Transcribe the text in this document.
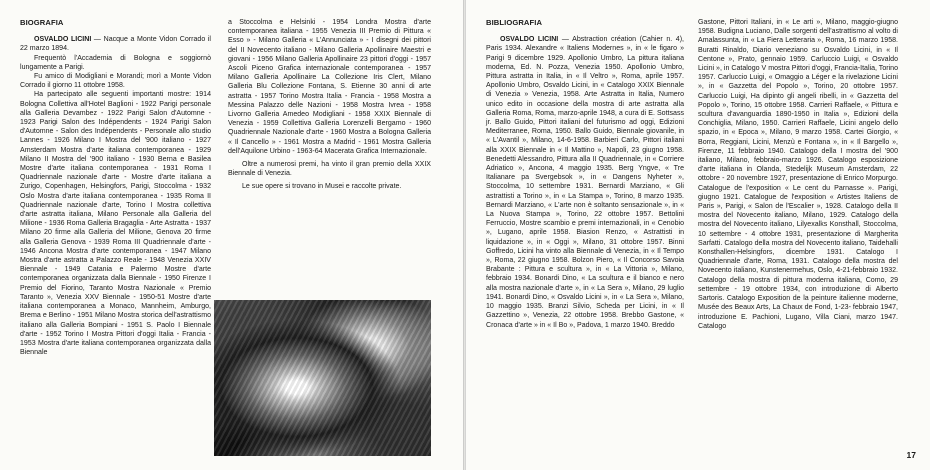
BIOGRAFIA

OSVALDO LICINI — Nacque a Monte Vidon Corrado il 22 marzo 1894.

Frequentò l'Accademia di Bologna e soggiornò lungamente a Parigi.

Fu amico di Modigliani e Morandi; morì a Monte Vidon Corrado il giorno 11 ottobre 1958.

Ha partecipato alle seguenti importanti mostre: 1914 Bologna Collettiva all'Hotel Baglioni - 1922 Parigi personale alla Galleria Devambez - 1922 Parigi Salon d'Automne - 1923 Parigi Salon des Indépendents - 1924 Parigi Salon d'Automne - Salon des Indépendents - Personale allo studio Lannes - 1926 Milano I Mostra del '900 italiano - 1927 Amsterdam Mostra d'arte italiana contemporanea - 1929 Milano II Mostra del '900 italiano - 1930 Berna e Basilea Mostre d'arte italiana contemporanea - 1931 Roma I Quadriennale nazionale d'arte - Mostre d'arte italiana a Zurigo, Copenhagen, Helsingfors, Parigi, Stoccolma - 1932 Oslo Mostra d'arte italiana contemporanea - 1935 Roma II Quadriennale nazionale d'arte, Torino I Mostra collettiva d'arte astratta italiana, Milano Personale alla Galleria del Milione - 1936 Roma Galleria Bragaglia - Arte Astratta - 1937 Milano 20 firme alla Galleria del Milione, Genova 20 firme alla Galleria Genova - 1939 Roma III Quadriennale d'arte - 1946 Ancona Mostra d'arte contemporanea - 1947 Milano Mostra d'arte astratta a Palazzo Reale - 1948 Venezia XXIV Biennale - 1949 Catania e Palermo Mostre d'arte contemporanea organizzata dalla Biennale - 1950 Firenze I Premio del Fiorino, Taranto Mostra Nazionale « Premio Taranto », Venezia XXV Biennale - 1950-51 Mostre d'arte italiana contemporanea a Monaco, Mannheim, Amburgo, Brema e Berlino - 1951 Milano Mostra storica dell'astrattismo italiano alla Galleria Bompiani - 1951 S. Paolo I Biennale d'arte - 1952 Torino I Mostra Pittori d'oggi Italia - Francia - 1953 Mostra d'arte italiana contemporanea organizzata dalla Biennale

a Stoccolma e Helsinki - 1954 Londra Mostra d'arte contemporanea italiana - 1955 Venezia III Premio di Pittura « Esso » - Milano Galleria « L'Annunciata » - I disegni dei pittori del II Novecento italiano - Milano Galleria Apollinaire Maestri e giovani - 1956 Milano Galleria Apollinaire 23 pittori d'oggi - 1957 Ascoli Piceno Grafica internazionale contemporanea - 1957 Milano Galleria Apollinaire La Collezione Iris Clert, Milano Galleria Blu Collezione Fontana, S. Etienne 30 anni di arte astratta - 1957 Torino Mostra Italia - Francia - 1958 Mostra a Messina Palazzo delle Nazioni - 1958 Mostra Ivrea - 1958 Livorno Galleria Amedeo Modigliani - 1958 XXIX Biennale di Venezia - 1959 Collettiva Galleria Lorenzelli Bergamo - 1960 Quadriennale Nazionale d'arte - 1960 Mostra a Bologna Galleria « Il Cancello » - 1961 Mostra a Madrid - 1961 Mostra Galleria dell'Aquilone Urbino - 1963-64 Macerata Grafica Internazionale.

Oltre a numerosi premi, ha vinto il gran premio della XXIX Biennale di Venezia.

Le sue opere si trovano in Musei e raccolte private.

BIBLIOGRAFIA

OSVALDO LICINI — Abstraction création (Cahier n. 4), Paris 1934. Alexandre « Italiens Modernes », in « le figaro » Parigi 9 dicembre 1929. Apollonio Umbro, La pittura italiana moderna, Ed. N. Pozza, Venezia 1950. Apollonio Umbro, Pittura astratta in Italia, in « Il Veltro », Roma, aprile 1957. Apollonio Umbro, Osvaldo Licini, in « Catalogo XXIX Biennale di Venezia » Venezia, 1958. Arte Astratta in Italia, Numero unico edito in occasione della mostra di arte astratta alla Galleria Roma, Roma, marzo-aprile 1948, a cura di E. Sottsass jr. Ballo Guido, Pittori italiani del futurismo ad oggi, Edizioni Mediterranee, Roma, 1950. Ballo Guido, Biennale giovanile, in « L'Avantil », Milano, 14-6-1958. Barbieri Carlo, Pittori italiani alla XXIX Biennale in « Il Mattino », Napoli, 23 giugno 1958. Benedetti Alessandro, Pittura alla II Quadriennale, in « Corriere Adriatico », Ancona, 4 maggio 1935. Berg Yngve, « Tre Italianare pa Svergebsok », in « Dangens Nyheter », Stoccolma, 10 settembre 1931. Bernardi Marziano, « Gli astrattisti a Torino », in « La Stampa », Torino, 8 marzo 1935. Bernardi Marziano, « L'arte non è soltanto sensazionale », in « La Nuova Stampa », Torino, 22 ottobre 1957. Bettolini Ferruccio, Mostre scambio e premi internazionali, in « Cenobio », Lugano, aprile 1958. Biasion Renzo, « Astrattisti in liquidazione », in « Oggi », Milano, 31 ottobre 1957. Binni Goffredo, Licini ha vinto alla Biennale di Venezia, in « Il Tempo », Roma, 22 giugno 1958. Bolzon Piero, « Il Concorso Savoia Brabante : Pittura e scultura », in « La Vittoria », Milano, febbraio 1934. Bonardi Dino, « La scultura e il bianco e nero alla mostra nazionale d'arte », in « La Sera », Milano, 29 luglio 1941. Bonardi Dino, « Osvaldo Licini », in « La Sera », Milano, 10 maggio 1935. Branzi Silvio, Scheda per Licini, in « Il Gazzettino », Venezia, 22 ottobre 1958. Brebbo Gastone, « Cronaca d'arte » in « Il Bo », Padova, 1 marzo 1940. Breddo

Gastone, Pittori Italiani, in « Le arti », Milano, maggio-giugno 1958. Budigna Luciano, Dalle sorgenti dell'astrattismo al volto di Amalassunta, in « La Fiera Letteraria », Roma, 16 marzo 1958. Buratti Rinaldo, Diario veneziano su Osvaldo Licini, in « Il Centone », Prato, gennaio 1959. Carluccio Luigi, « Osvaldo Licini », in Catalogo V mostra Pittori d'oggi, Francia-Italia, Torino 1957. Carluccio Luigi, « Omaggio a Léger e la rivelazione Licini », in « Gazzetta del Popolo », Torino, 20 ottobre 1957. Carluccio Luigi, Ha dipinto gli angeli ribelli, in « Gazzetta del Popolo », Torino, 15 ottobre 1958. Carrieri Raffaele, « Pittura e scultura d'avanguardia 1890-1950 in Italia », Edizioni della Conchiglia, Milano, 1950. Carrieri Raffaele, Licini angelo dello spazio, in « Epoca », Milano, 9 marzo 1958. Cartei Giorgio, « Borra, Reggiani, Licini, Menzù e Fontana », in « Il Bargello », Firenze, 11 febbraio 1940. Catalogo della I mostra del '900 italiano, Milano, febbraio-marzo 1926. Catalogo esposizione d'arte italiana in Olanda, Stedelijk Museum Amsterdam, 22 ottobre - 20 novembre 1927, presentazione di Enrico Morpurgo. Catalogue de l'exposition « Le cent du Parnasse ». Parigi, giugno 1921. Catalogue de l'exposition « Artistes Italiens de Paris », Parigi, « Salon de l'Escalier », 1928. Catalogo della II mostra del Novecento italiano, Milano, 1929. Catalogo della mostra del Novecento italiano, Lilyexalks Konsthall, Stoccolma, 10 settembre - 4 ottobre 1931, presentazione di Margherita Sarfatti. Catalogo della mostra del Novecento italiano, Taidehalli Konsthallen-Helsingfors, dicembre 1931. Catalogo I Quadriennale d'arte, Roma, 1931. Catalogo della mostra del Novecento italiano, Kunstenermehus, Oslo, 4-21-febbraio 1932. Catalogo della mostra di pittura moderna italiana, Como, 29 settembre - 19 ottobre 1934, con introduzione di Alberto Sartoris. Catalogo Exposition de la peinture italienne moderne, Musée des Beaux Arts, La Chaux de Fond, 1-23- febbraio 1947, introduzione E. Pachioni, Lugano, Villa Ciani, marzo 1947. Catalogo

17
